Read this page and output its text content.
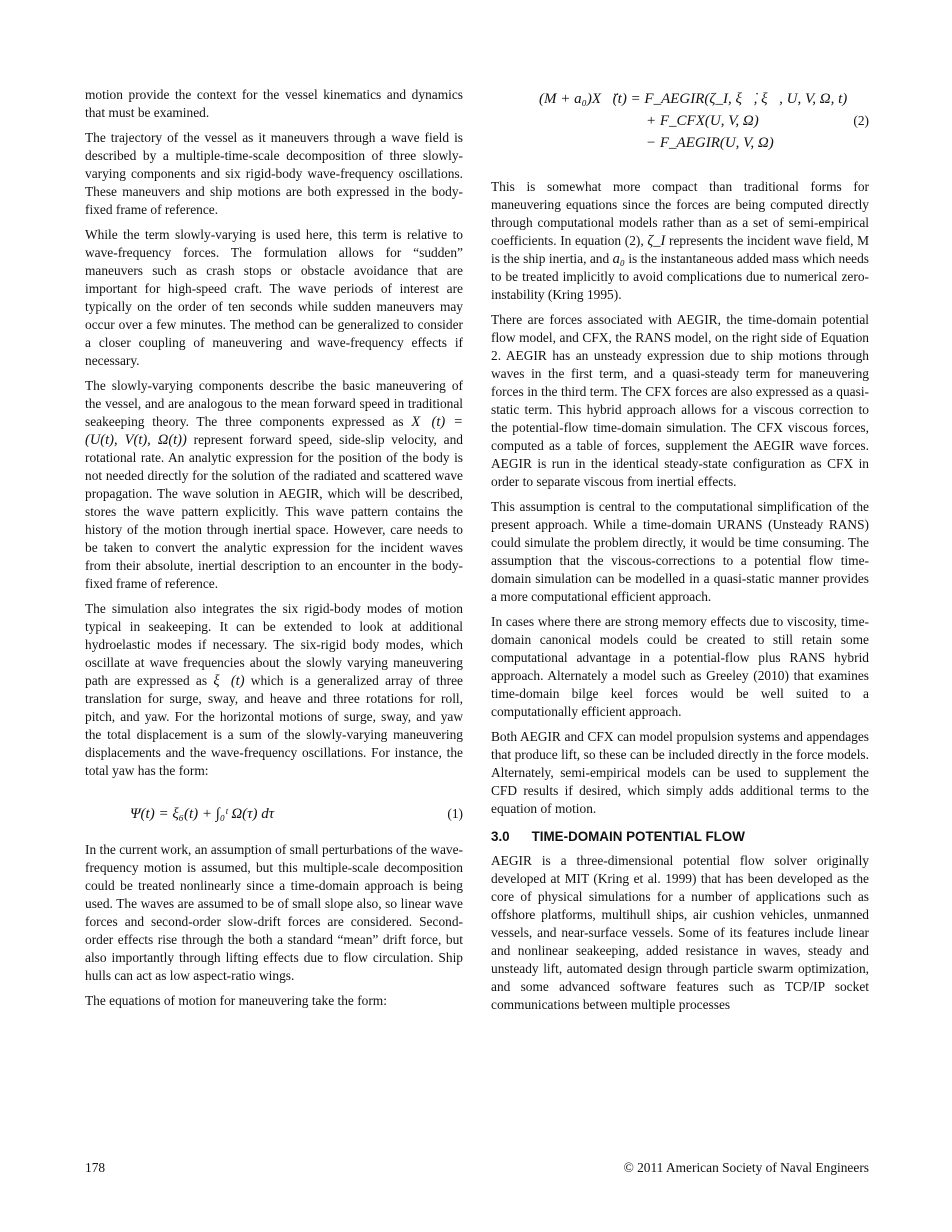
motion provide the context for the vessel kinematics and dynamics that must be examined.

The trajectory of the vessel as it maneuvers through a wave field is described by a multiple-time-scale decomposition of three slowly-varying components and six rigid-body wave-frequency oscillations. These maneuvers and ship motions are both expressed in the body-fixed frame of reference.

While the term slowly-varying is used here, this term is relative to wave-frequency forces. The formulation allows for “sudden” maneuvers such as crash stops or obstacle avoidance that are important for high-speed craft. The wave periods of interest are typically on the order of ten seconds while sudden maneuvers may occur over a few minutes. The method can be generalized to consider a closer coupling of maneuvering and wave-frequency effects if necessary.

The slowly-varying components describe the basic maneuvering of the vessel, and are analogous to the mean forward speed in traditional seakeeping theory. The three components expressed as X⃗(t) = (U(t), V(t), Ω(t)) represent forward speed, side-slip velocity, and rotational rate. An analytic expression for the position of the body is not needed directly for the solution of the radiated and scattered wave propagation. The wave solution in AEGIR, which will be described, stores the wave pattern explicitly. This wave pattern contains the history of the motion through inertial space. However, care needs to be taken to convert the analytic expression for the incident waves from their absolute, inertial description to an encounter in the body-fixed frame of reference.

The simulation also integrates the six rigid-body modes of motion typical in seakeeping. It can be extended to look at additional hydroelastic modes if necessary. The six-rigid body modes, which oscillate at wave frequencies about the slowly varying maneuvering path are expressed as ξ⃗(t) which is a generalized array of three translation for surge, sway, and heave and three rotations for roll, pitch, and yaw. For the horizontal motions of surge, sway, and yaw the total displacement is a sum of the slowly-varying maneuvering displacements and the wave-frequency oscillations. For instance, the total yaw has the form:

Ψ(t) = ξ₆(t) + ∫₀ᵗ Ω(τ) dτ	(1)

In the current work, an assumption of small perturbations of the wave-frequency motion is assumed, but this multiple-scale decomposition could be treated nonlinearly since a time-domain approach is being used. The waves are assumed to be of small slope also, so linear wave forces and second-order slow-drift forces are considered. Second-order effects rise through the both a standard “mean” drift force, but also importantly through lifting effects due to flow circulation. Ship hulls can act as low aspect-ratio wings.

The equations of motion for maneuvering take the form:

(M + a₀)X⃗̈(t) = F_AEGIR(ζ_I, ξ⃗̇, ξ⃗, U, V, Ω, t)
+ F_CFX(U, V, Ω)
− F_AEGIR(U, V, Ω)
(2)

This is somewhat more compact than traditional forms for maneuvering equations since the forces are being computed directly through computational models rather than as a set of semi-empirical coefficients. In equation (2), ζ_I represents the incident wave field, M is the ship inertia, and a₀ is the instantaneous added mass which needs to be treated implicitly to avoid complications due to numerical zero-instability (Kring 1995).

There are forces associated with AEGIR, the time-domain potential flow model, and CFX, the RANS model, on the right side of Equation 2. AEGIR has an unsteady expression due to ship motions through waves in the first term, and a quasi-steady term for maneuvering forces in the third term. The CFX forces are also expressed as a quasi-static term. This hybrid approach allows for a viscous correction to the potential-flow time-domain simulation. The CFX viscous forces, computed as a table of forces, supplement the AEGIR wave forces. AEGIR is run in the identical steady-state configuration as CFX in order to separate viscous from inertial effects.

This assumption is central to the computational simplification of the present approach. While a time-domain URANS (Unsteady RANS) could simulate the problem directly, it would be time consuming. The assumption that the viscous-corrections to a potential flow time-domain simulation can be modelled in a quasi-static manner provides a more computational efficient approach.

In cases where there are strong memory effects due to viscosity, time-domain canonical models could be created to still retain some computational advantage in a potential-flow plus RANS hybrid approach. Alternately a model such as Greeley (2010) that examines time-domain bilge keel forces would be well suited to a computationally efficient approach.

Both AEGIR and CFX can model propulsion systems and appendages that produce lift, so these can be included directly in the force models. Alternately, semi-empirical models can be used to supplement the CFD results if desired, which simply adds additional terms to the equation of motion.

3.0 TIME-DOMAIN POTENTIAL FLOW

AEGIR is a three-dimensional potential flow solver originally developed at MIT (Kring et al. 1999) that has been developed as the core of physical simulations for a number of applications such as offshore platforms, multihull ships, air cushion vehicles, unmanned vessels, and near-surface vessels. Some of its features include linear and nonlinear seakeeping, added resistance in waves, steady and unsteady lift, automated design through particle swarm optimization, and some advanced software features such as TCP/IP socket communications between multiple processes

178	© 2011 American Society of Naval Engineers
